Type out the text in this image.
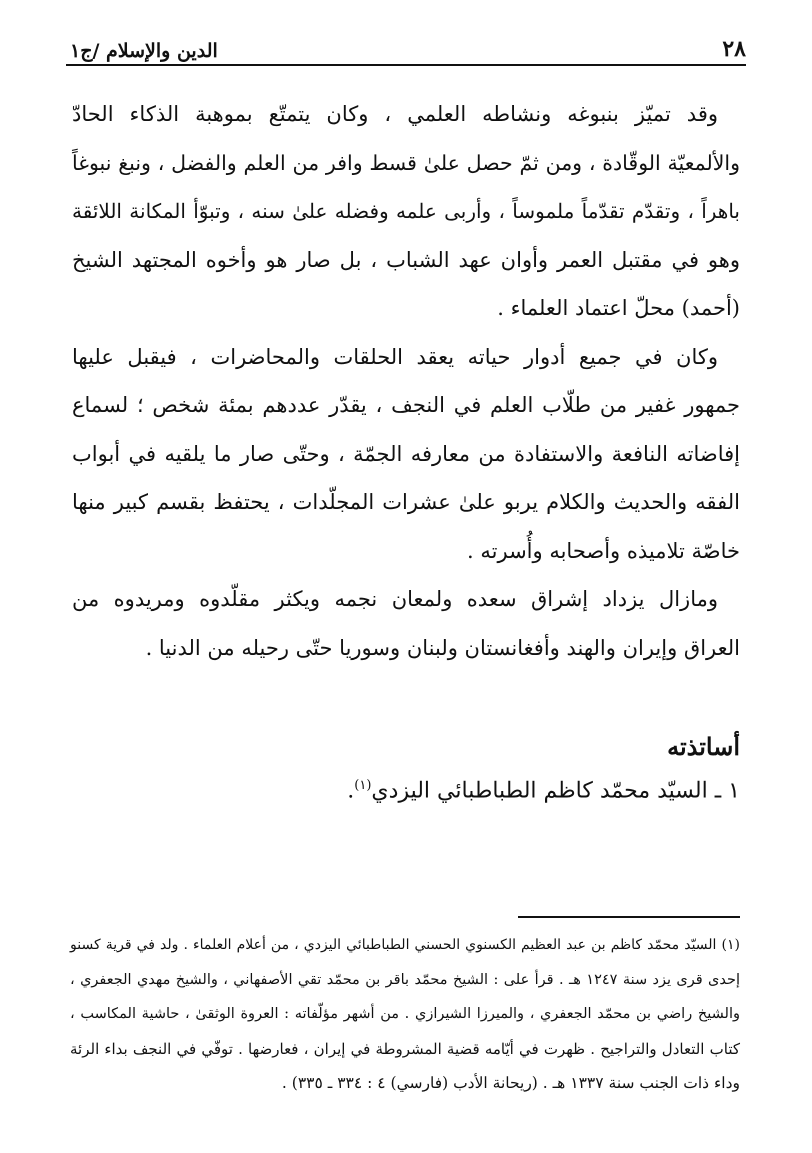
٢٨
الدين والإسلام /ج١

وقد تميّز بنبوغه ونشاطه العلمي ، وكان يتمتّع بموهبة الذكاء الحادّ
والألمعيّة الوقّادة ، ومن ثمّ حصل علىٰ قسط وافر من العلم والفضل ، ونبغ نبوغاً
باهراً ، وتقدّم تقدّماً ملموساً ، وأربى علمه وفضله علىٰ سنه ، وتبوّأ المكانة اللائقة
وهو في مقتبل العمر وأوان عهد الشباب ، بل صار هو وأخوه المجتهد الشيخ
(أحمد) محلّ اعتماد العلماء .

وكان في جميع أدوار حياته يعقد الحلقات والمحاضرات ، فيقبل عليها
جمهور غفير من طلّاب العلم في النجف ، يقدّر عددهم بمئة شخص ؛ لسماع
إفاضاته النافعة والاستفادة من معارفه الجمّة ، وحتّى صار ما يلقيه في أبواب
الفقه والحديث والكلام يربو علىٰ عشرات المجلّدات ، يحتفظ بقسم كبير منها
خاصّة تلاميذه وأصحابه وأُسرته .

ومازال يزداد إشراق سعده ولمعان نجمه ويكثر مقلّدوه ومريدوه من
العراق وإيران والهند وأفغانستان ولبنان وسوريا حتّى رحيله من الدنيا .

أساتذته
١ ـ السيّد محمّد كاظم الطباطبائي اليزدي$^{(١)}$.

(١) السيّد محمّد كاظم بن عبد العظيم الكسنوي الحسني الطباطبائي اليزدي ، من أعلام العلماء . ولد في قرية كسنو
إحدى قرى يزد سنة ١٢٤٧ هـ . قرأ على : الشيخ محمّد باقر بن محمّد تقي الأصفهاني ، والشيخ مهدي الجعفري ،
والشيخ راضي بن محمّد الجعفري ، والميرزا الشيرازي . من أشهر مؤلّفاته : العروة الوثقىٰ ، حاشية المكاسب ،
كتاب التعادل والتراجيح . ظهرت في أيّامه قضية المشروطة في إيران ، فعارضها . توفّي في النجف بداء الرئة
وداء ذات الجنب سنة ١٣٣٧ هـ . (ريحانة الأدب (فارسي) ٤ : ٣٣٤ ـ ٣٣٥) .
